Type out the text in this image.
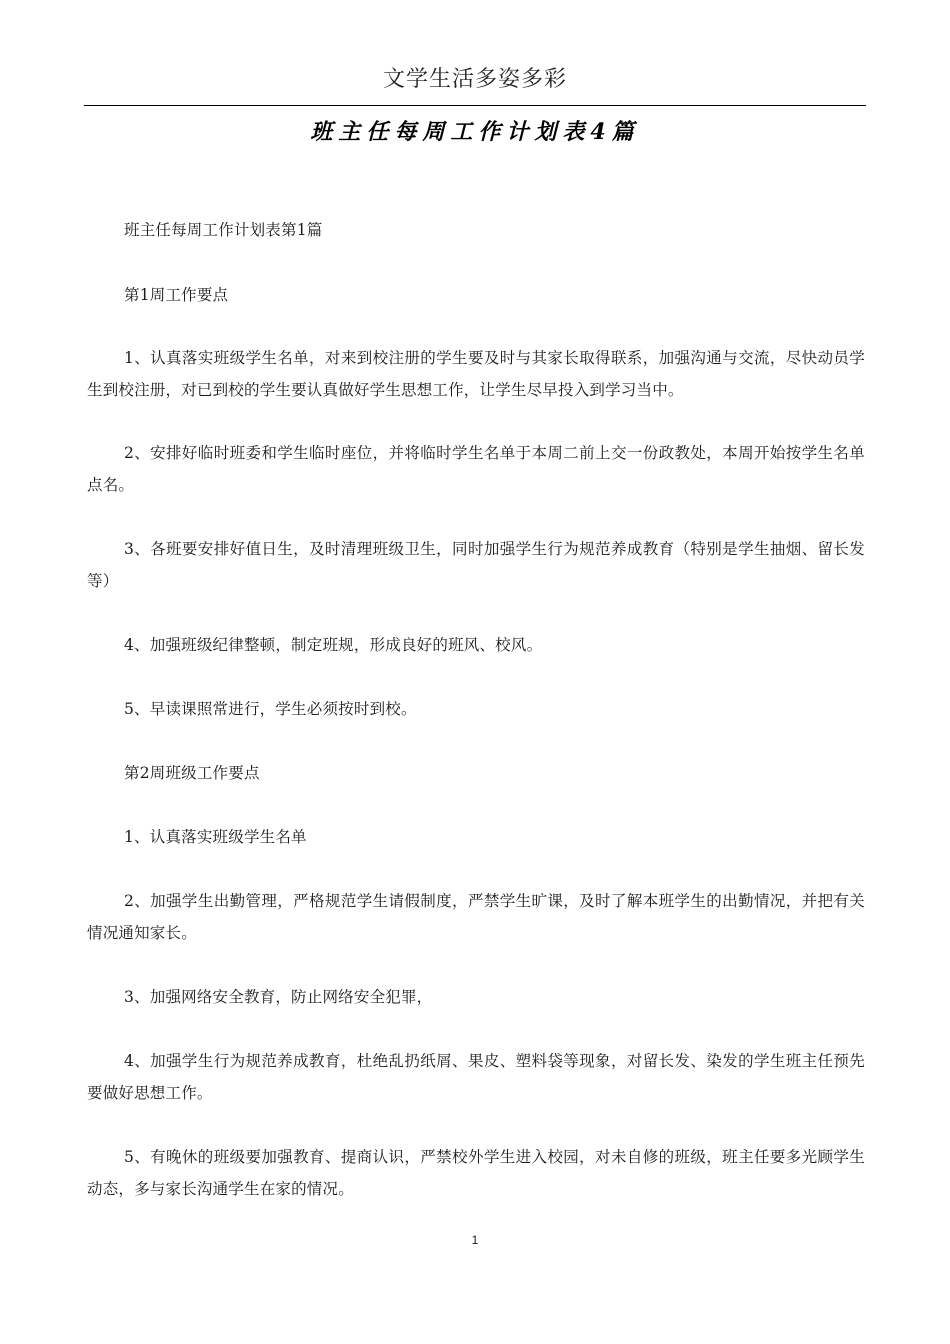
文学生活多姿多彩
班主任每周工作计划表4篇

班主任每周工作计划表第1篇

第1周工作要点

1、认真落实班级学生名单，对来到校注册的学生要及时与其家长取得联系，加强沟通与交流，尽快动员学生到校注册，对已到校的学生要认真做好学生思想工作，让学生尽早投入到学习当中。

2、安排好临时班委和学生临时座位，并将临时学生名单于本周二前上交一份政教处，本周开始按学生名单点名。

3、各班要安排好值日生，及时清理班级卫生，同时加强学生行为规范养成教育（特别是学生抽烟、留长发等）

4、加强班级纪律整顿，制定班规，形成良好的班风、校风。

5、早读课照常进行，学生必须按时到校。

第2周班级工作要点

1、认真落实班级学生名单

2、加强学生出勤管理，严格规范学生请假制度，严禁学生旷课，及时了解本班学生的出勤情况，并把有关情况通知家长。

3、加强网络安全教育，防止网络安全犯罪，

4、加强学生行为规范养成教育，杜绝乱扔纸屑、果皮、塑料袋等现象，对留长发、染发的学生班主任预先要做好思想工作。

5、有晚休的班级要加强教育、提商认识，严禁校外学生进入校园，对未自修的班级，班主任要多光顾学生动态，多与家长沟通学生在家的情况。

1
